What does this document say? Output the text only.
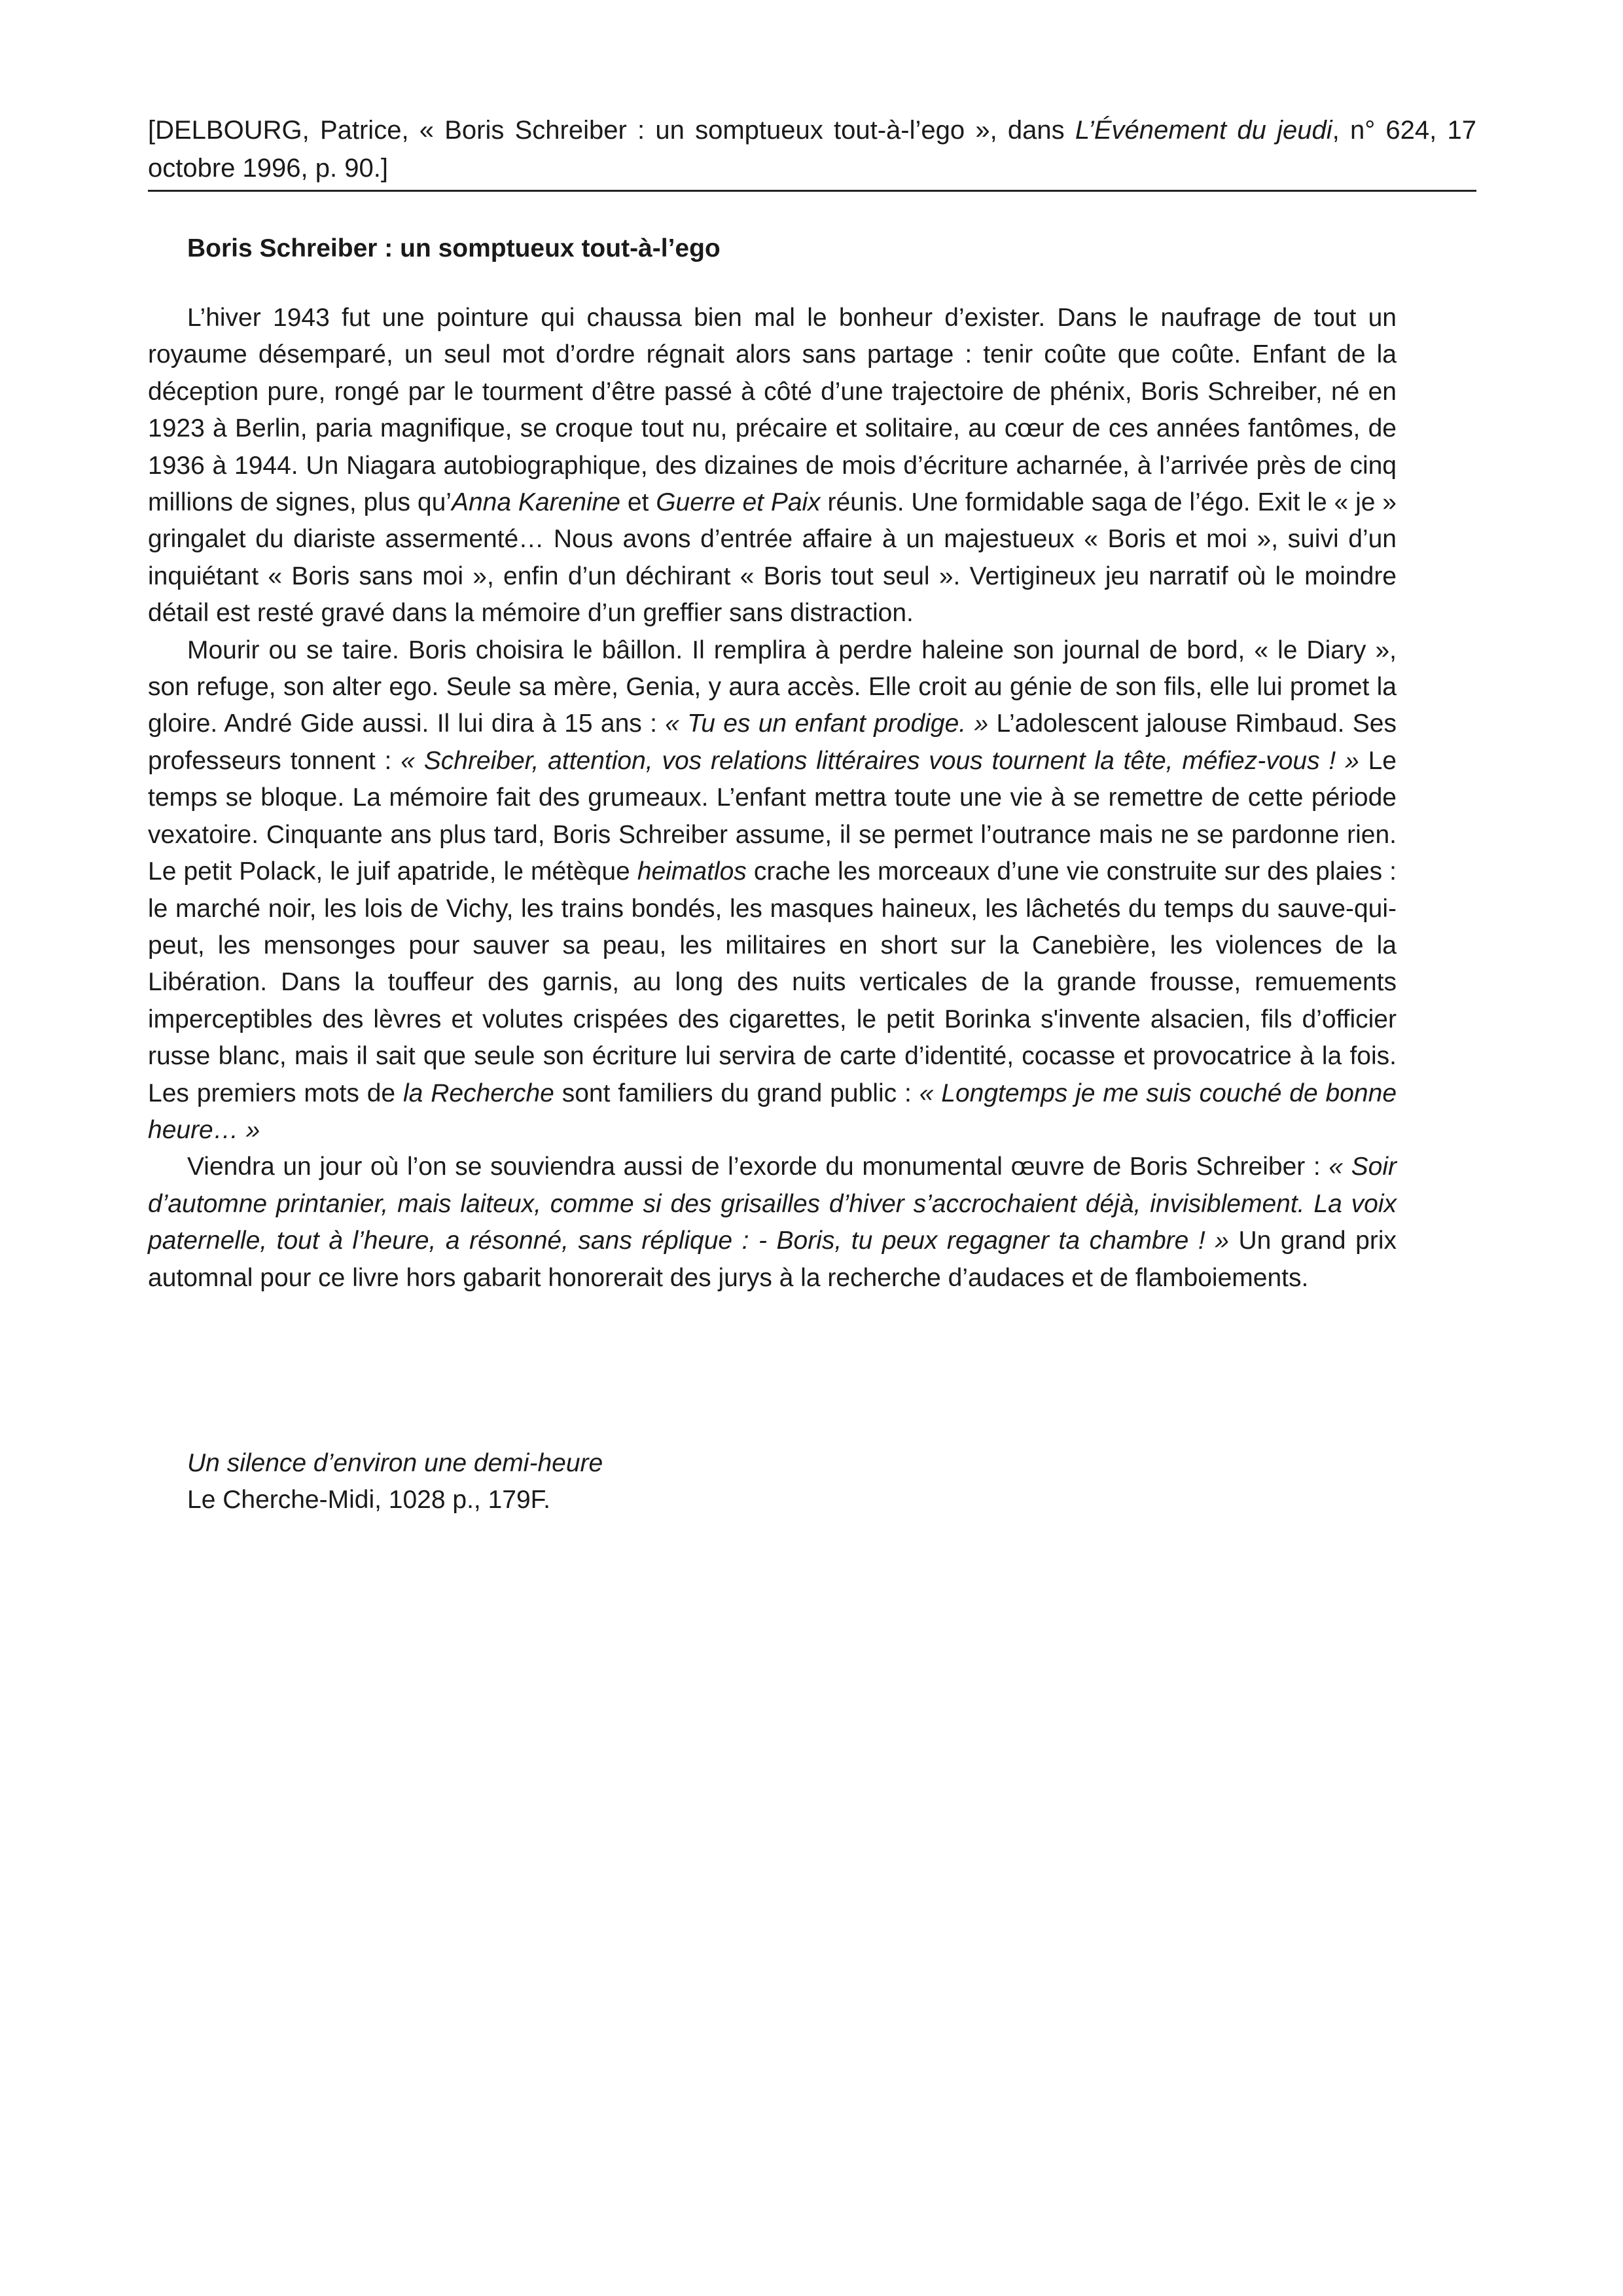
[DELBOURG, Patrice, « Boris Schreiber : un somptueux tout-à-l’ego », dans L’Événement du jeudi, n° 624, 17 octobre 1996, p. 90.]
Boris Schreiber : un somptueux tout-à-l’ego

L’hiver 1943 fut une pointure qui chaussa bien mal le bonheur d’exister. Dans le naufrage de tout un royaume désemparé, un seul mot d’ordre régnait alors sans partage : tenir coûte que coûte. Enfant de la déception pure, rongé par le tourment d’être passé à côté d’une trajectoire de phénix, Boris Schreiber, né en 1923 à Berlin, paria magnifique, se croque tout nu, précaire et solitaire, au cœur de ces années fantômes, de 1936 à 1944. Un Niagara autobiographique, des dizaines de mois d’écriture acharnée, à l’arrivée près de cinq millions de signes, plus qu’Anna Karenine et Guerre et Paix réunis. Une formidable saga de l’égo. Exit le « je » gringalet du diariste assermenté… Nous avons d’entrée affaire à un majestueux « Boris et moi », suivi d’un inquiétant « Boris sans moi », enfin d’un déchirant « Boris tout seul ». Vertigineux jeu narratif où le moindre détail est resté gravé dans la mémoire d’un greffier sans distraction.

Mourir ou se taire. Boris choisira le bâillon. Il remplira à perdre haleine son journal de bord, « le Diary », son refuge, son alter ego. Seule sa mère, Genia, y aura accès. Elle croit au génie de son fils, elle lui promet la gloire. André Gide aussi. Il lui dira à 15 ans : « Tu es un enfant prodige. » L’adolescent jalouse Rimbaud. Ses professeurs tonnent : « Schreiber, attention, vos relations littéraires vous tournent la tête, méfiez-vous ! » Le temps se bloque. La mémoire fait des grumeaux. L’enfant mettra toute une vie à se remettre de cette période vexatoire. Cinquante ans plus tard, Boris Schreiber assume, il se permet l’outrance mais ne se pardonne rien. Le petit Polack, le juif apatride, le métèque heimatlos crache les morceaux d’une vie construite sur des plaies : le marché noir, les lois de Vichy, les trains bondés, les masques haineux, les lâchetés du temps du sauve-qui-peut, les mensonges pour sauver sa peau, les militaires en short sur la Canebière, les violences de la Libération. Dans la touffeur des garnis, au long des nuits verticales de la grande frousse, remuements imperceptibles des lèvres et volutes crispées des cigarettes, le petit Borinka s'invente alsacien, fils d’officier russe blanc, mais il sait que seule son écriture lui servira de carte d’identité, cocasse et provocatrice à la fois. Les premiers mots de la Recherche sont familiers du grand public : « Longtemps je me suis couché de bonne heure… »

Viendra un jour où l’on se souviendra aussi de l’exorde du monumental œuvre de Boris Schreiber : « Soir d’automne printanier, mais laiteux, comme si des grisailles d’hiver s’accrochaient déjà, invisiblement. La voix paternelle, tout à l’heure, a résonné, sans réplique : - Boris, tu peux regagner ta chambre ! » Un grand prix automnal pour ce livre hors gabarit honorerait des jurys à la recherche d’audaces et de flamboiements.

Un silence d’environ une demi-heure
Le Cherche-Midi, 1028 p., 179F.
